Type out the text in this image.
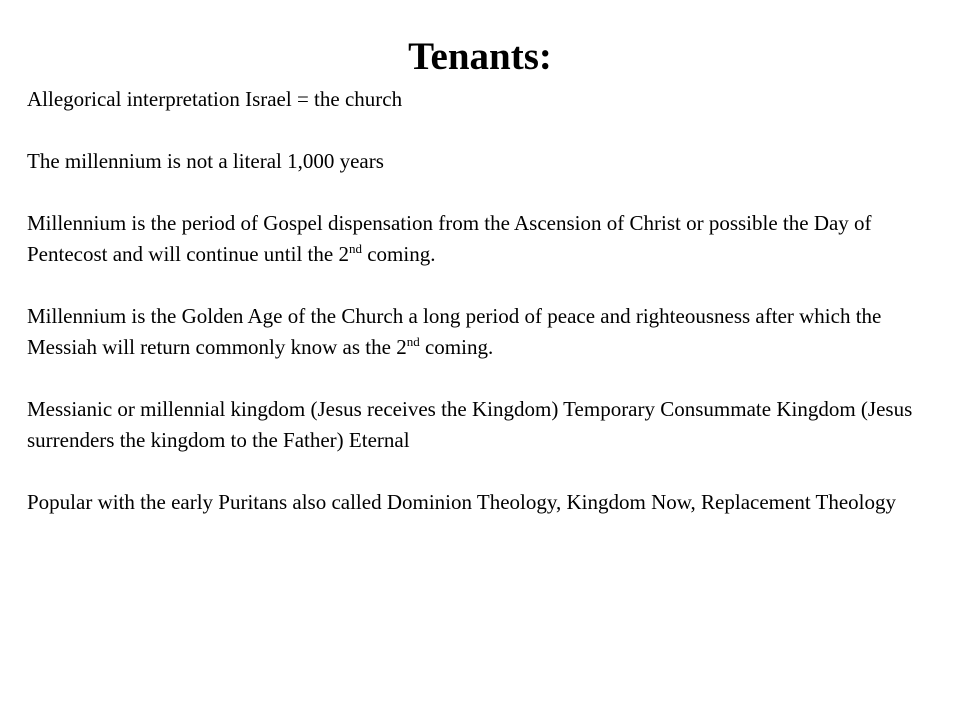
Tenants:

Allegorical interpretation Israel = the church

The millennium is not a literal 1,000 years

Millennium is the period of Gospel dispensation from the Ascension of Christ or possible the Day of Pentecost and will continue until the 2nd coming.

Millennium is the Golden Age of the Church a long period of peace and righteousness after which the Messiah will return commonly know as the 2nd coming.

Messianic or millennial kingdom (Jesus receives the Kingdom) Temporary Consummate Kingdom (Jesus surrenders the kingdom to the Father) Eternal

Popular with the early Puritans also called Dominion Theology, Kingdom Now, Replacement Theology
